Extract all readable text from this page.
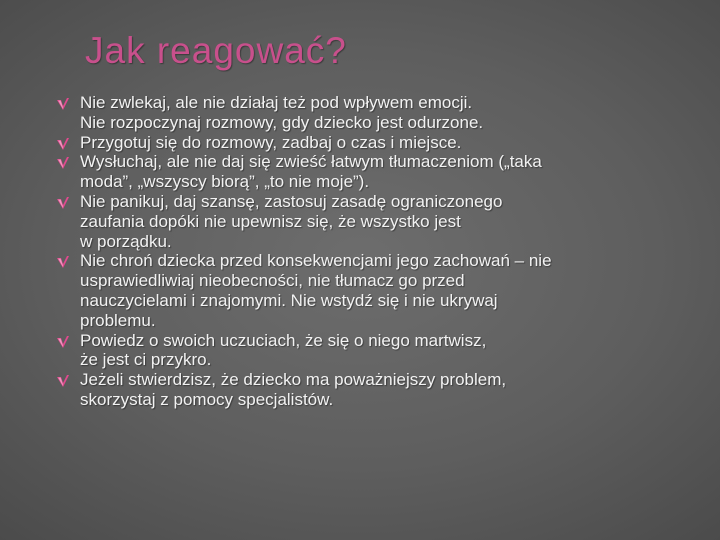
Jak reagować?
Nie zwlekaj, ale nie działaj też pod wpływem emocji.
Nie rozpoczynaj rozmowy, gdy dziecko jest odurzone.
Przygotuj się do rozmowy, zadbaj o czas i miejsce.
Wysłuchaj, ale nie daj się zwieść łatwym tłumaczeniom („taka
moda”, „wszyscy biorą”, „to nie moje”).
Nie panikuj, daj szansę, zastosuj zasadę ograniczonego
zaufania dopóki nie upewnisz się, że wszystko jest
w porządku.
Nie chroń dziecka przed konsekwencjami jego zachowań – nie
usprawiedliwiaj nieobecności, nie tłumacz go przed
nauczycielami i znajomymi. Nie wstydź się i nie ukrywaj
problemu.
Powiedz o swoich uczuciach, że się o niego martwisz,
że jest ci przykro.
Jeżeli stwierdzisz, że dziecko ma poważniejszy problem,
skorzystaj z pomocy specjalistów.
